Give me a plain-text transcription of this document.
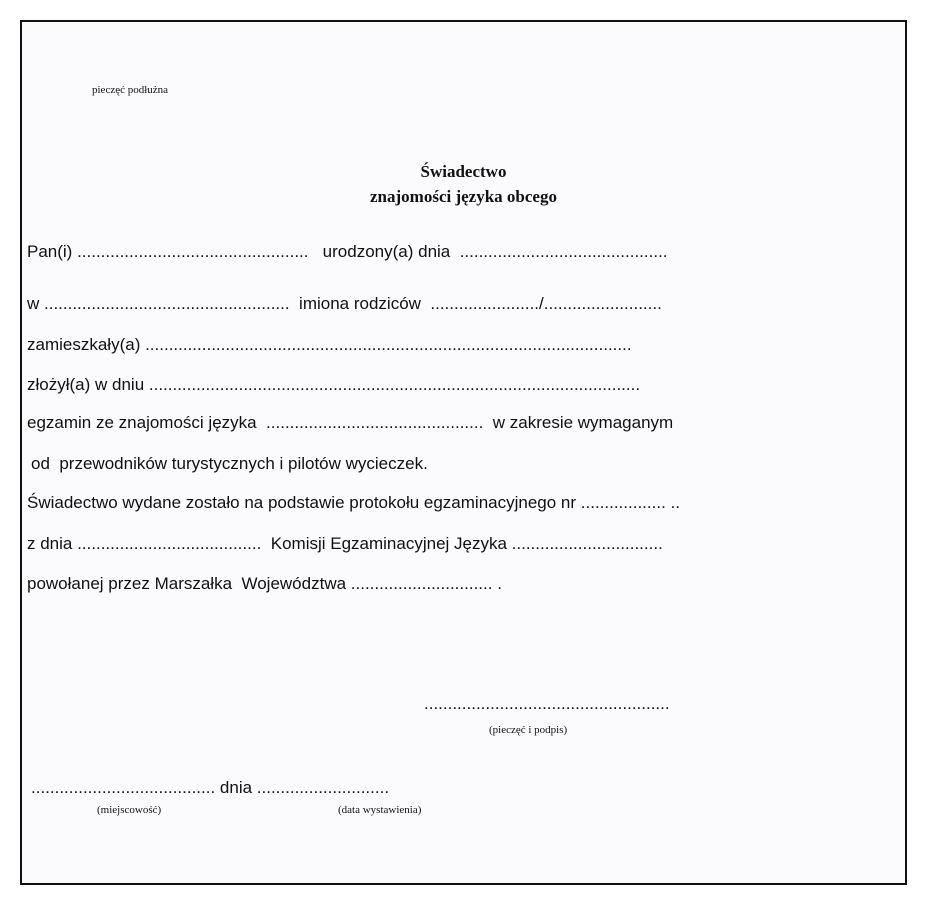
pieczęć podłużna
Świadectwo
znajomości języka obcego
Pan(i) .................................................   urodzony(a) dnia  ............................................
w ....................................................  imiona rodziców  ......................./.........................
zamieszkały(a) .......................................................................................................
złożył(a) w dniu ........................................................................................................
egzamin ze znajomości języka  ..............................................  w zakresie wymaganym
od  przewodników turystycznych i pilotów wycieczek.
Świadectwo wydane zostało na podstawie protokołu egzaminacyjnego nr .................. ..
z dnia .......................................  Komisji Egzaminacyjnej Języka ................................
powołanej przez Marszałka  Województwa .............................. .
....................................................
(pieczęć i podpis)
....................................... dnia ............................
(miejscowość)	(data wystawienia)
